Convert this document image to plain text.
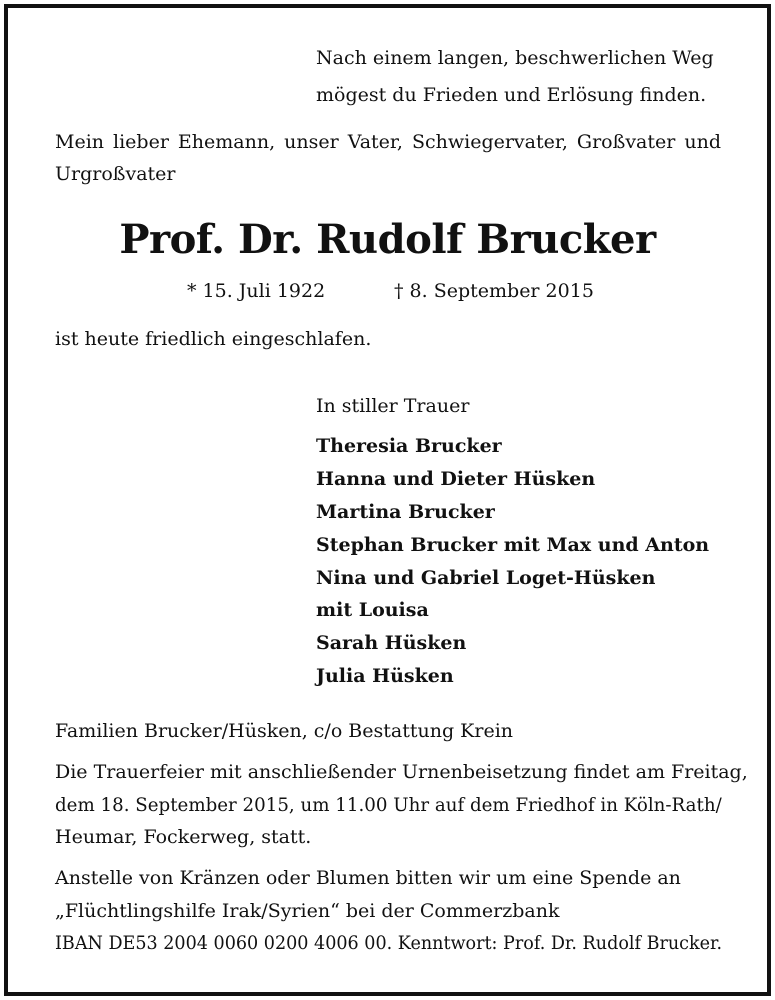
Nach einem langen, beschwerlichen Weg
mögest du Frieden und Erlösung finden.
Mein lieber Ehemann, unser Vater, Schwiegervater, Großvater und
Urgroßvater
Prof. Dr. Rudolf Brucker
* 15. Juli 1922	† 8. September 2015
ist heute friedlich eingeschlafen.
In stiller Trauer
Theresia Brucker
Hanna und Dieter Hüsken
Martina Brucker
Stephan Brucker mit Max und Anton
Nina und Gabriel Loget-Hüsken
mit Louisa
Sarah Hüsken
Julia Hüsken
Familien Brucker/Hüsken, c/o Bestattung Krein
Die Trauerfeier mit anschließender Urnenbeisetzung findet am Freitag,
dem 18. September 2015, um 11.00 Uhr auf dem Friedhof in Köln-Rath/
Heumar, Fockerweg, statt.
Anstelle von Kränzen oder Blumen bitten wir um eine Spende an
„Flüchtlingshilfe Irak/Syrien“ bei der Commerzbank
IBAN DE53 2004 0060 0200 4006 00. Kenntwort: Prof. Dr. Rudolf Brucker.
